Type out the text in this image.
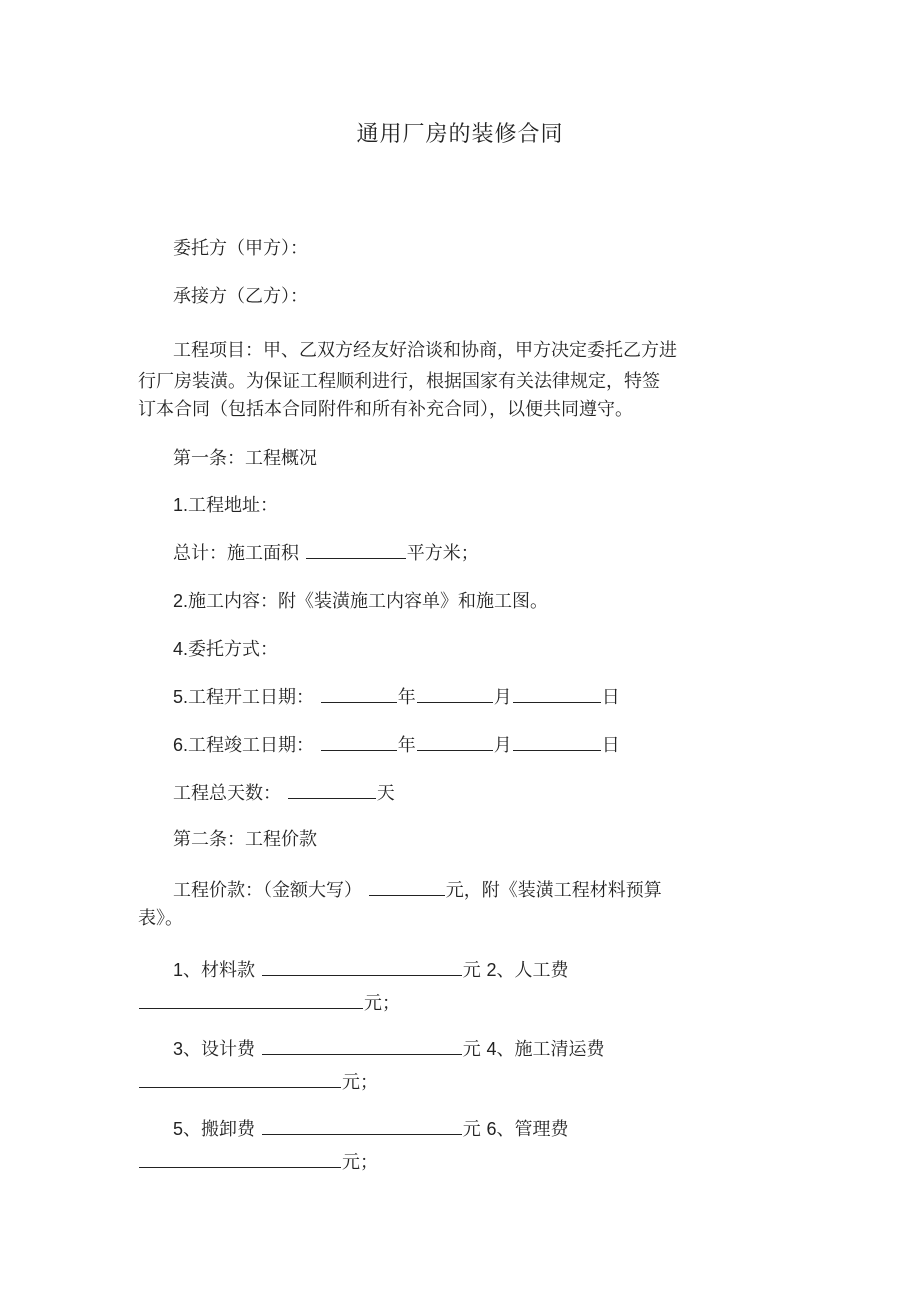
通用厂房的装修合同
委托方（甲方）：
承接方（乙方）：
工程项目：甲、乙双方经友好洽谈和协商，甲方决定委托乙方进
行厂房装潢。为保证工程顺利进行，根据国家有关法律规定，特签
订本合同（包括本合同附件和所有补充合同），以便共同遵守。
第一条：工程概况
1.工程地址：
总计：施工面积	平方米；
2.施工内容：附《装潢施工内容单》和施工图。
4.委托方式：
5.工程开工日期：	年	月	日
6.工程竣工日期：	年	月	日
工程总天数：	天
第二条：工程价款
工程价款：（金额大写）	元，附《装潢工程材料预算
表》。
1、材料款	元 2、人工费
元；
3、设计费	元 4、施工清运费
元；
5、搬卸费	元 6、管理费
元；
